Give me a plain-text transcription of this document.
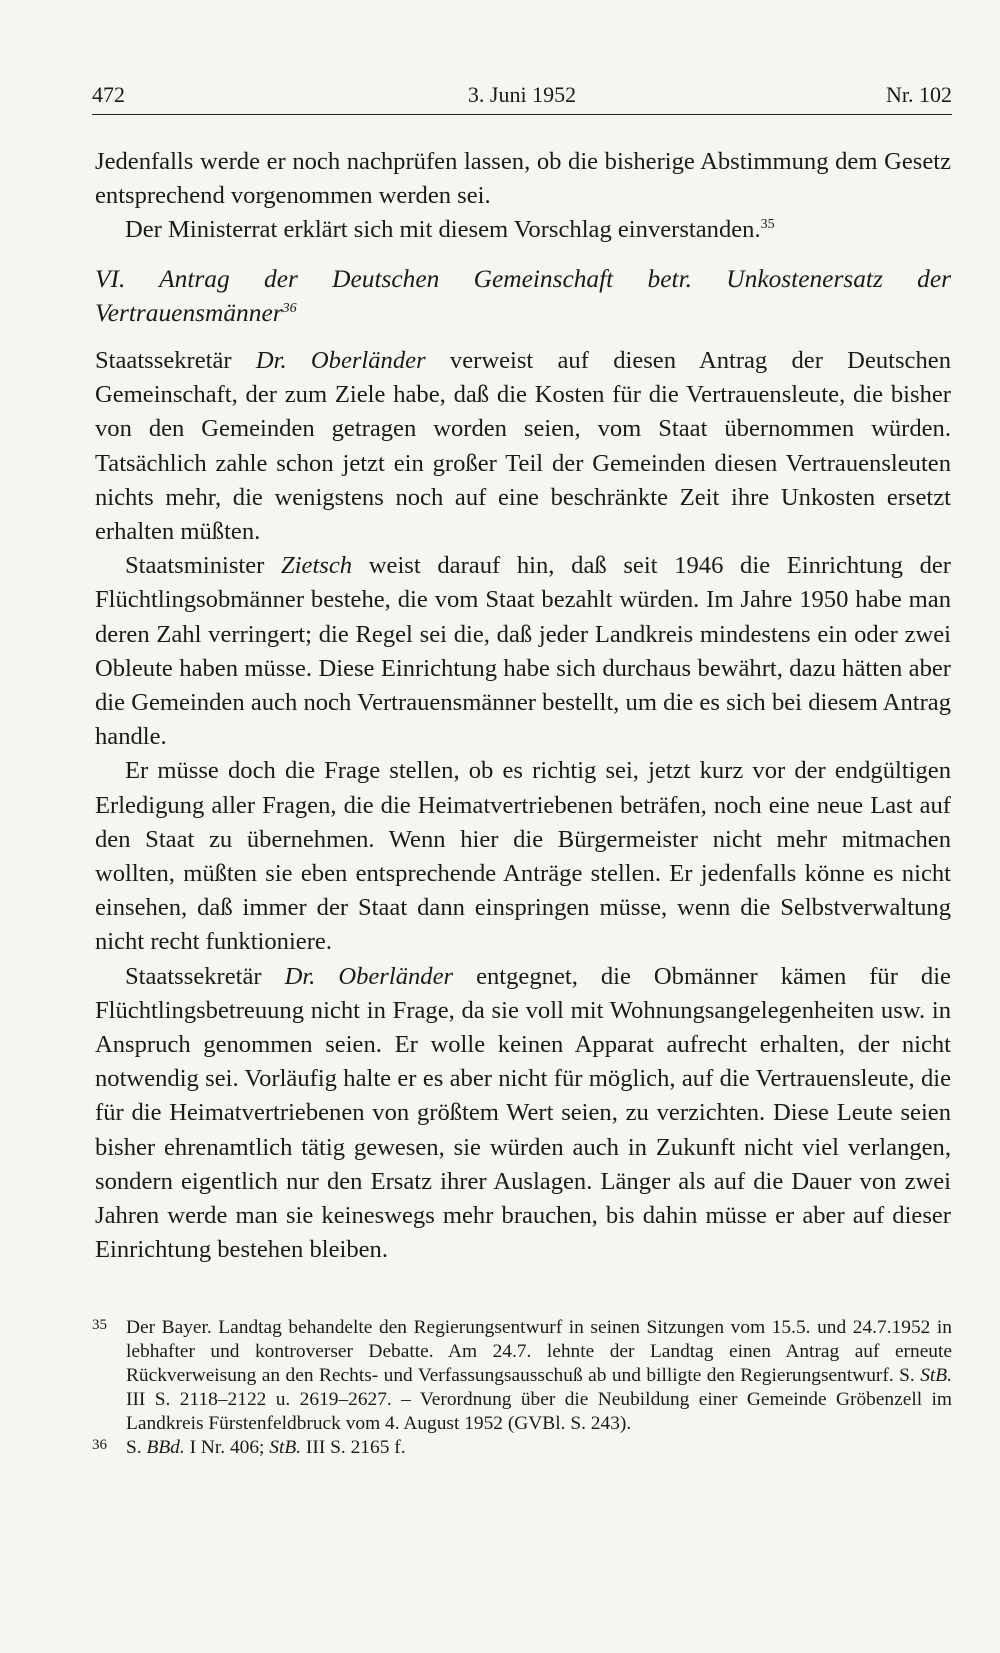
472	3. Juni 1952	Nr. 102

Jedenfalls werde er noch nachprüfen lassen, ob die bisherige Abstimmung dem Gesetz entsprechend vorgenommen werden sei.

Der Ministerrat erklärt sich mit diesem Vorschlag einverstanden.$^{35}$

VI. Antrag der Deutschen Gemeinschaft betr. Unkostenersatz der Vertrauensmänner$^{36}$

Staatssekretär Dr. Oberländer verweist auf diesen Antrag der Deutschen Gemeinschaft, der zum Ziele habe, daß die Kosten für die Vertrauensleute, die bisher von den Gemeinden getragen worden seien, vom Staat übernommen würden. Tatsächlich zahle schon jetzt ein großer Teil der Gemeinden diesen Vertrauensleuten nichts mehr, die wenigstens noch auf eine beschränkte Zeit ihre Unkosten ersetzt erhalten müßten.

Staatsminister Zietsch weist darauf hin, daß seit 1946 die Einrichtung der Flüchtlingsobmänner bestehe, die vom Staat bezahlt würden. Im Jahre 1950 habe man deren Zahl verringert; die Regel sei die, daß jeder Landkreis mindestens ein oder zwei Obleute haben müsse. Diese Einrichtung habe sich durchaus bewährt, dazu hätten aber die Gemeinden auch noch Vertrauensmänner bestellt, um die es sich bei diesem Antrag handle.

Er müsse doch die Frage stellen, ob es richtig sei, jetzt kurz vor der endgültigen Erledigung aller Fragen, die die Heimatvertriebenen beträfen, noch eine neue Last auf den Staat zu übernehmen. Wenn hier die Bürgermeister nicht mehr mitmachen wollten, müßten sie eben entsprechende Anträge stellen. Er jedenfalls könne es nicht einsehen, daß immer der Staat dann einspringen müsse, wenn die Selbstverwaltung nicht recht funktioniere.

Staatssekretär Dr. Oberländer entgegnet, die Obmänner kämen für die Flüchtlingsbetreuung nicht in Frage, da sie voll mit Wohnungsangelegenheiten usw. in Anspruch genommen seien. Er wolle keinen Apparat aufrecht erhalten, der nicht notwendig sei. Vorläufig halte er es aber nicht für möglich, auf die Vertrauensleute, die für die Heimatvertriebenen von größtem Wert seien, zu verzichten. Diese Leute seien bisher ehrenamtlich tätig gewesen, sie würden auch in Zukunft nicht viel verlangen, sondern eigentlich nur den Ersatz ihrer Auslagen. Länger als auf die Dauer von zwei Jahren werde man sie keineswegs mehr brauchen, bis dahin müsse er aber auf dieser Einrichtung bestehen bleiben.

35 Der Bayer. Landtag behandelte den Regierungsentwurf in seinen Sitzungen vom 15.5. und 24.7.1952 in lebhafter und kontroverser Debatte. Am 24.7. lehnte der Landtag einen Antrag auf erneute Rückverweisung an den Rechts- und Verfassungsausschuß ab und billigte den Regierungsentwurf. S. StB. III S. 2118–2122 u. 2619–2627. – Verordnung über die Neubildung einer Gemeinde Gröbenzell im Landkreis Fürstenfeldbruck vom 4. August 1952 (GVBl. S. 243).

36 S. BBd. I Nr. 406; StB. III S. 2165 f.
